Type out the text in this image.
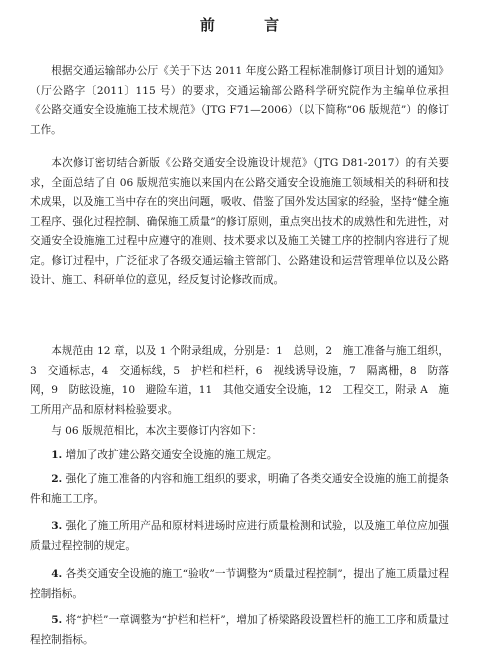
前 言

根据交通运输部办公厅《关于下达 2011 年度公路工程标准制修订项目计划的通知》（厅公路字〔2011〕115 号）的要求，交通运输部公路科学研究院作为主编单位承担《公路交通安全设施施工技术规范》（JTG F71—2006）（以下简称“06 版规范”）的修订工作。

本次修订密切结合新版《公路交通安全设施设计规范》（JTG D81-2017）的有关要求，全面总结了自 06 版规范实施以来国内在公路交通安全设施施工领域相关的科研和技术成果，以及施工当中存在的突出问题，吸收、借鉴了国外发达国家的经验，坚持“健全施工程序、强化过程控制、确保施工质量”的修订原则，重点突出技术的成熟性和先进性，对交通安全设施施工过程中应遵守的准则、技术要求以及施工关键工序的控制内容进行了规定。修订过程中，广泛征求了各级交通运输主管部门、公路建设和运营管理单位以及公路设计、施工、科研单位的意见，经反复讨论修改而成。

本规范由 12 章，以及 1 个附录组成，分别是：1　总则，2　施工准备与施工组织，3　交通标志，4　交通标线，5　护栏和栏杆，6　视线诱导设施，7　隔离栅，8　防落网，9　防眩设施，10　避险车道，11　其他交通安全设施，12　工程交工，附录 A　施工所用产品和原材料检验要求。

与 06 版规范相比，本次主要修订内容如下：

1. 增加了改扩建公路交通安全设施的施工规定。

2. 强化了施工准备的内容和施工组织的要求，明确了各类交通安全设施的施工前提条件和施工工序。

3. 强化了施工所用产品和原材料进场时应进行质量检测和试验，以及施工单位应加强质量过程控制的规定。

4. 各类交通安全设施的施工“验收”一节调整为“质量过程控制”，提出了施工质量过程控制指标。

5. 将“护栏”一章调整为“护栏和栏杆”，增加了桥梁路段设置栏杆的施工工序和质量过程控制指标。
